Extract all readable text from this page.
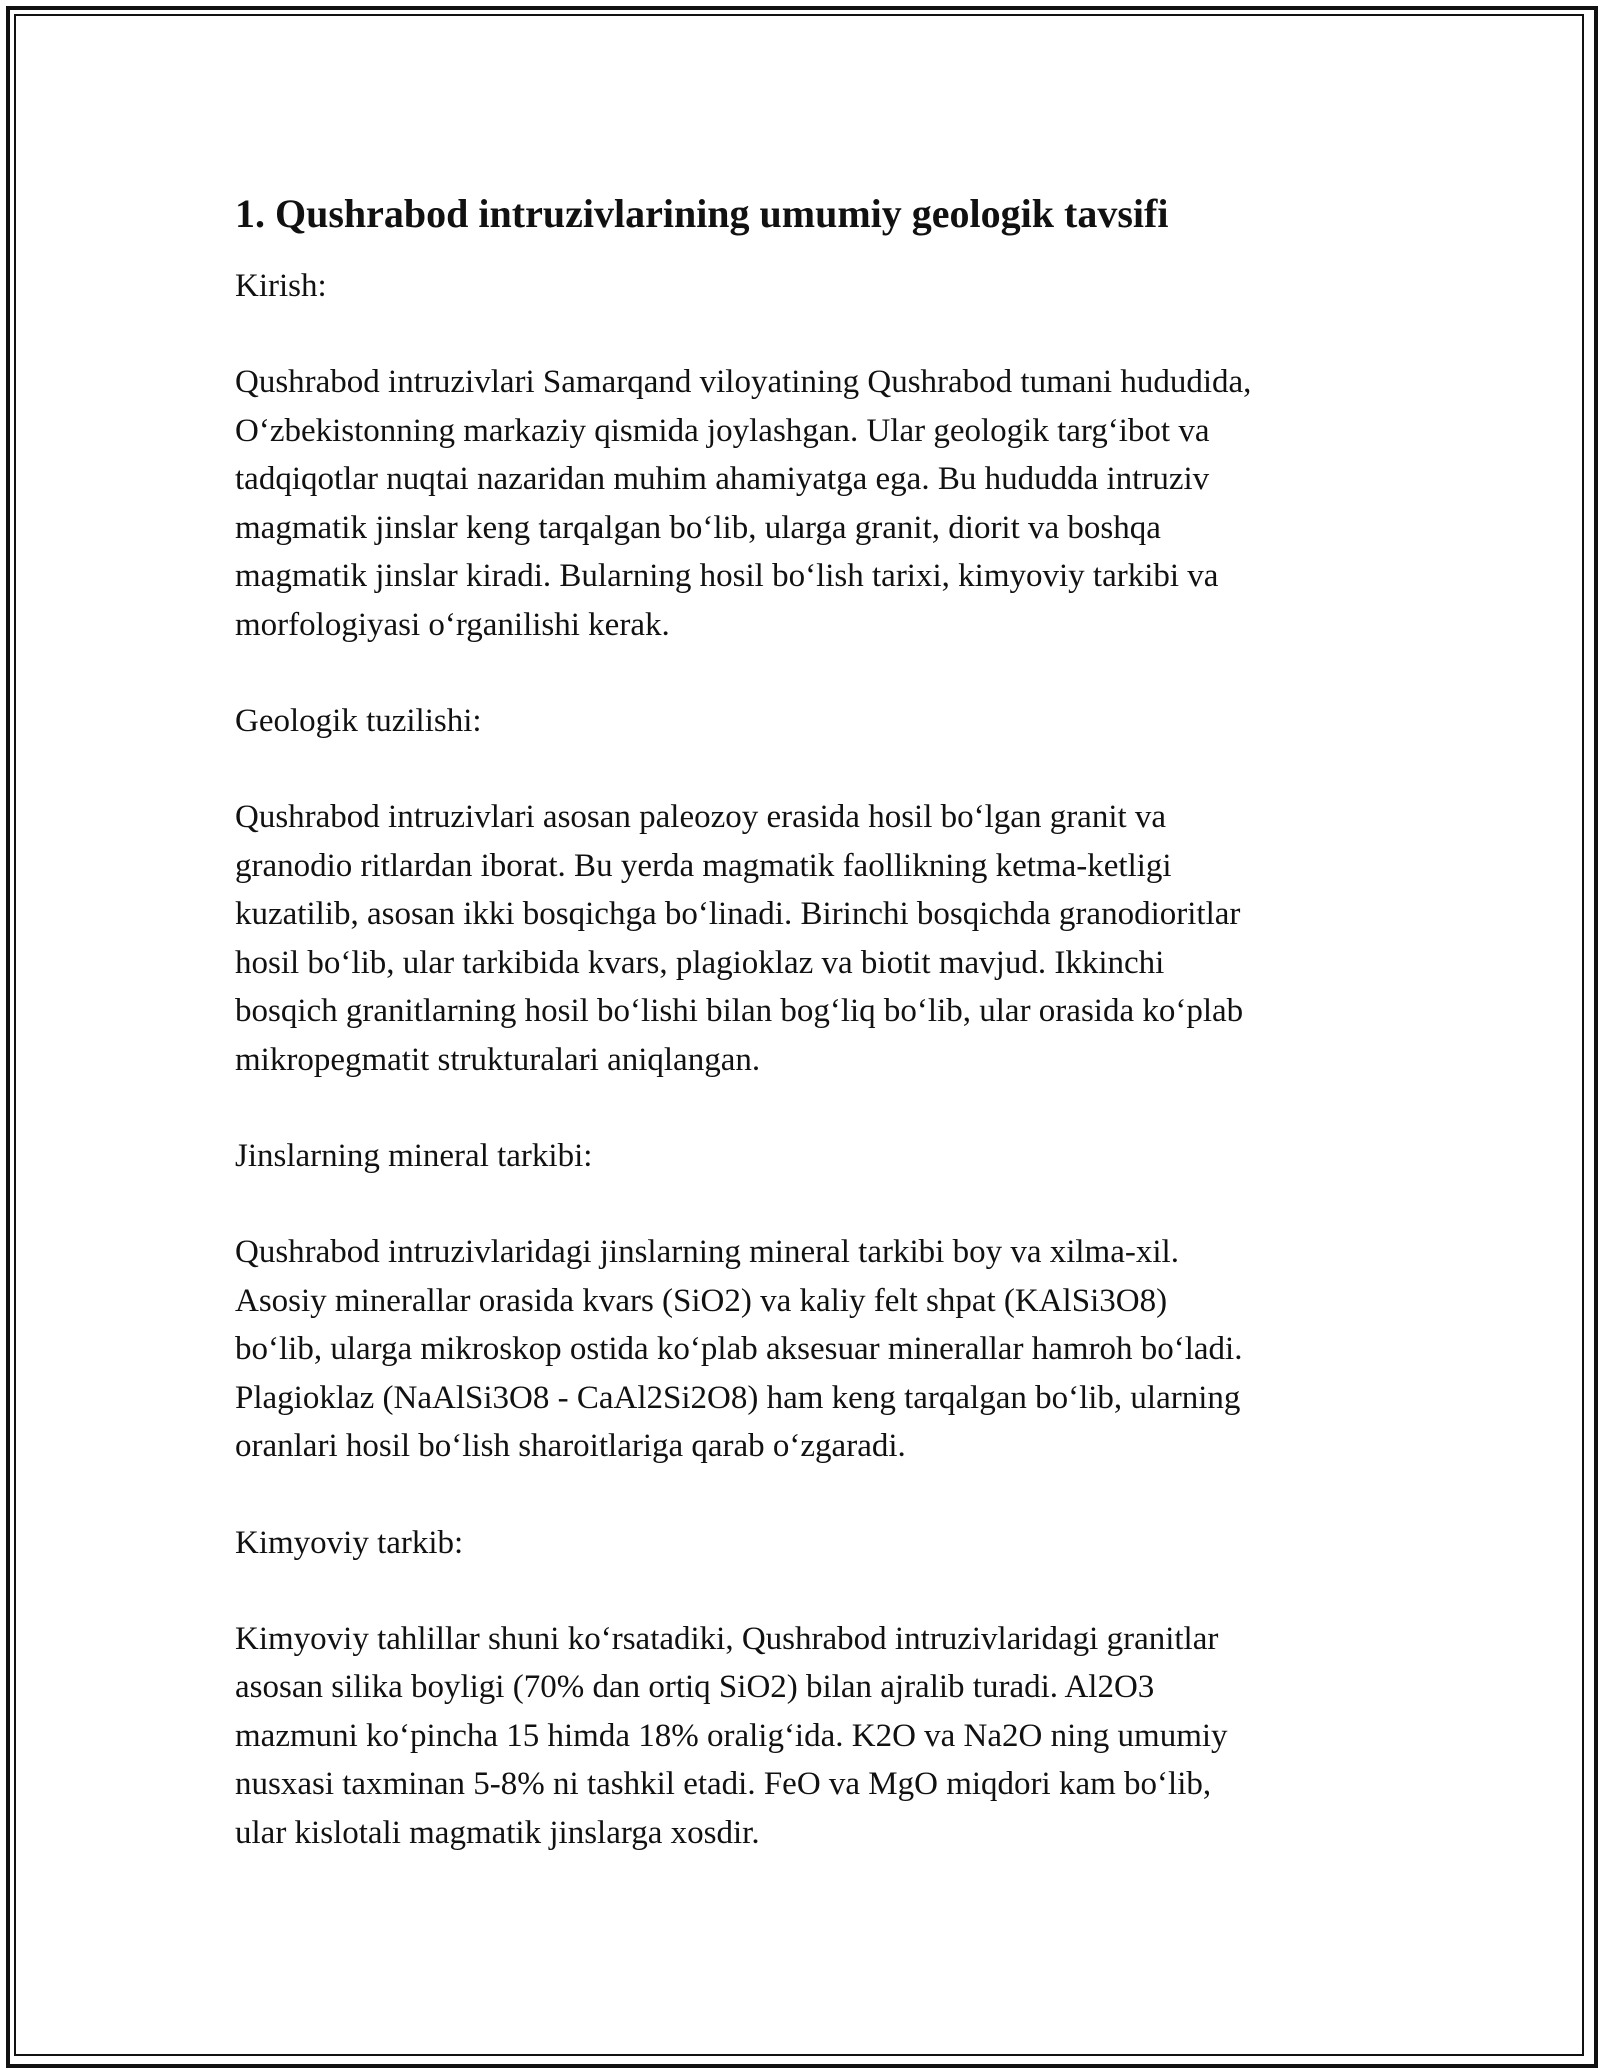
1. Qushrabod intruzivlarining umumiy geologik tavsifi
Kirish:
Qushrabod intruzivlari Samarqand viloyatining Qushrabod tumani hududida,
O‘zbekistonning markaziy qismida joylashgan. Ular geologik targ‘ibot va
tadqiqotlar nuqtai nazaridan muhim ahamiyatga ega. Bu hududda intruziv
magmatik jinslar keng tarqalgan bo‘lib, ularga granit, diorit va boshqa
magmatik jinslar kiradi. Bularning hosil bo‘lish tarixi, kimyoviy tarkibi va
morfologiyasi o‘rganilishi kerak.
Geologik tuzilishi:
Qushrabod intruzivlari asosan paleozoy erasida hosil bo‘lgan granit va
granodio ritlardan iborat. Bu yerda magmatik faollikning ketma-ketligi
kuzatilib, asosan ikki bosqichga bo‘linadi. Birinchi bosqichda granodioritlar
hosil bo‘lib, ular tarkibida kvars, plagioklaz va biotit mavjud. Ikkinchi
bosqich granitlarning hosil bo‘lishi bilan bog‘liq bo‘lib, ular orasida ko‘plab
mikropegmatit strukturalari aniqlangan.
Jinslarning mineral tarkibi:
Qushrabod intruzivlaridagi jinslarning mineral tarkibi boy va xilma-xil.
Asosiy minerallar orasida kvars (SiO2) va kaliy felt shpat (KAlSi3O8)
bo‘lib, ularga mikroskop ostida ko‘plab aksesuar minerallar hamroh bo‘ladi.
Plagioklaz (NaAlSi3O8 - CaAl2Si2O8) ham keng tarqalgan bo‘lib, ularning
oranlari hosil bo‘lish sharoitlariga qarab o‘zgaradi.
Kimyoviy tarkib:
Kimyoviy tahlillar shuni ko‘rsatadiki, Qushrabod intruzivlaridagi granitlar
asosan silika boyligi (70% dan ortiq SiO2) bilan ajralib turadi. Al2O3
mazmuni ko‘pincha 15 himda 18% oralig‘ida. K2O va Na2O ning umumiy
nusxasi taxminan 5-8% ni tashkil etadi. FeO va MgO miqdori kam bo‘lib,
ular kislotali magmatik jinslarga xosdir.
